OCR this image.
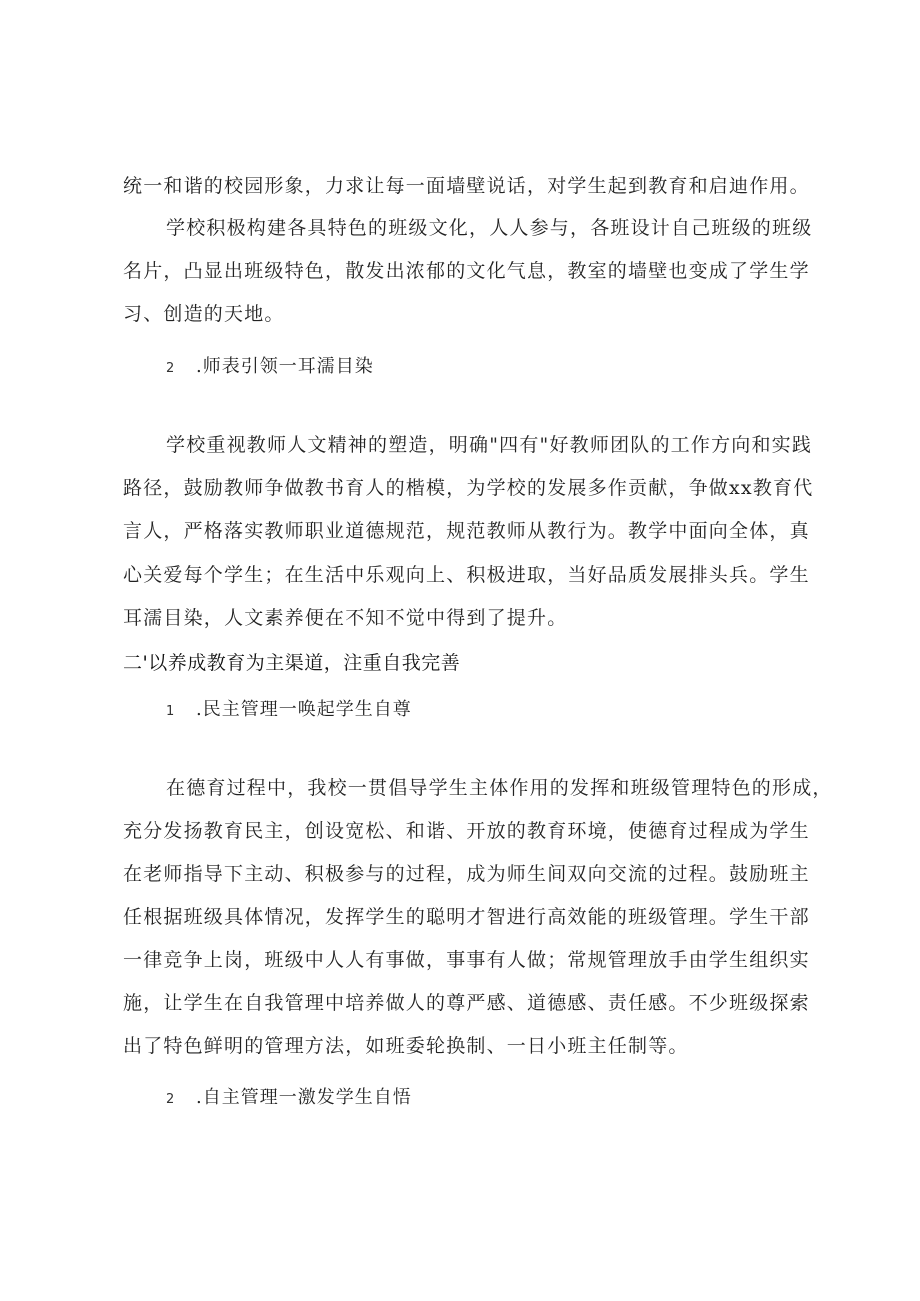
统一和谐的校园形象，力求让每一面墙壁说话，对学生起到教育和启迪作用。
学校积极构建各具特色的班级文化，人人参与，各班设计自己班级的班级
名片，凸显出班级特色，散发出浓郁的文化气息，教室的墙壁也变成了学生学
习、创造的天地。
2 .师表引领一耳濡目染
学校重视教师人文精神的塑造，明确"四有"好教师团队的工作方向和实践
路径，鼓励教师争做教书育人的楷模，为学校的发展多作贡献，争做xx教育代
言人，严格落实教师职业道德规范，规范教师从教行为。教学中面向全体，真
心关爱每个学生；在生活中乐观向上、积极进取，当好品质发展排头兵。学生
耳濡目染，人文素养便在不知不觉中得到了提升。
二'以养成教育为主渠道，注重自我完善
1 .民主管理一唤起学生自尊
在德育过程中，我校一贯倡导学生主体作用的发挥和班级管理特色的形成，
充分发扬教育民主，创设宽松、和谐、开放的教育环境，使德育过程成为学生
在老师指导下主动、积极参与的过程，成为师生间双向交流的过程。鼓励班主
任根据班级具体情况，发挥学生的聪明才智进行高效能的班级管理。学生干部
一律竞争上岗，班级中人人有事做，事事有人做；常规管理放手由学生组织实
施，让学生在自我管理中培养做人的尊严感、道德感、责任感。不少班级探索
出了特色鲜明的管理方法，如班委轮换制、一日小班主任制等。
2 .自主管理一激发学生自悟
